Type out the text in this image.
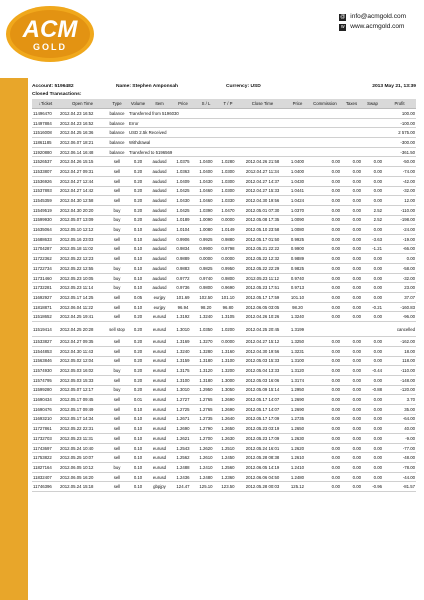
ACM
GOLD
@ info@acmgold.com
w www.acmgold.com
Account: 5196482	Name: Stephen Amponsah	Currency: USD	2013 May 21, 13:39
Closed Transactions:
↓Ticket	Open Time	Type	Volume	Item	Price	S / L	T / P	Close Time	Price	Commission	Taxes	Swap	Profit
11496470	2012.04.23 16:52	balance	Transferred from 5196030										100.00
11497884	2012.04.23 16:52	balance	Error										-100.00
11516008	2012.04.25 16:36	balance	USD 2.5k Received										2 575.00
11861185	2012.06.07 18:21	balance	Withdrawal										-300.00
11920880	2012.06.14 16:48	balance	Transfered to 5196569										-361.50
11526537	2012.04.26 15:15	sell	0.20	audusd	1.0375	1.0400	1.0280	2012.04.26 21:58	1.0400	0.00	0.00	0.00	-50.00
11533807	2012.04.27 09:31	sell	0.20	audusd	1.0363	1.0400	1.0300	2012.04.27 11:34	1.0400	0.00	0.00	0.00	-74.00
11536926	2012.04.27 12:44	sell	0.20	audusd	1.0409	1.0430	1.0300	2012.04.27 14:37	1.0430	0.00	0.00	0.00	-42.00
11537893	2012.04.27 14:42	sell	0.20	audusd	1.0425	1.0460	1.0300	2012.04.27 15:33	1.0441	0.00	0.00	0.00	-32.00
11545359	2012.04.30 12:58	sell	0.20	audusd	1.0430	1.0460	1.0330	2012.04.30 19:56	1.0424	0.00	0.00	0.00	12.00
11549519	2012.04.30 20:20	buy	0.20	audusd	1.0425	1.0390	1.0470	2012.05.01 07:30	1.0370	0.00	0.00	2.52	-110.00
11599930	2012.05.07 13:09	buy	0.20	audusd	1.0189	1.0090	0.0000	2012.05.08 17:35	1.0090	0.00	0.00	2.52	-198.00
11635064	2012.05.10 12:12	buy	0.10	audusd	1.0104	1.0080	1.0149	2012.05.10 23:58	1.0080	0.00	0.00	0.00	-24.00
11688633	2012.05.16 23:03	sell	0.10	audusd	0.9906	0.9925	0.9880	2012.05.17 01:50	0.9925	0.00	0.00	-3.63	-19.00
11704287	2012.05.18 11:02	sell	0.10	audusd	0.9834	0.9900	0.9798	2012.05.21 22:22	0.9900	0.00	0.00	-1.21	-66.00
11722362	2012.05.22 12:23	sell	0.10	audusd	0.9889	0.0000	0.0000	2012.05.22 12:32	0.9889	0.00	0.00	0.00	0.00
11722734	2012.05.22 12:55	buy	0.10	audusd	0.9883	0.9825	0.9950	2012.05.22 22:29	0.9825	0.00	0.00	0.00	-58.00
11731460	2012.05.23 10:05	buy	0.10	audusd	0.9772	0.9740	0.9800	2012.05.23 11:12	0.9740	0.00	0.00	0.00	-32.00
11732281	2012.05.23 11:14	buy	0.10	audusd	0.9736	0.9800	0.9690	2012.05.23 17:51	0.9713	0.00	0.00	0.00	23.00
11692927	2012.05.17 14:25	sell	0.05	eurjpy	101.69	102.50	101.10	2012.05.17 17:59	101.10	0.00	0.00	0.00	37.07
11818871	2012.06.04 11:22	sell	0.10	eurjpy	96.94	98.20	96.80	2012.06.05 03:05	98.20	0.00	0.00	-0.21	-160.83
11518652	2012.04.25 19:41	sell	0.20	eurusd	1.3192	1.3240	1.3105	2012.04.26 10:26	1.3240	0.00	0.00	0.00	-96.00
11519414	2012.04.25 20:28	sell stop	0.20	eurusd	1.3010	1.0350	1.0200	2012.04.25 20:45	1.3199				cancelled
11533827	2012.04.27 09:35	sell	0.20	eurusd	1.3169	1.3270	0.0000	2012.04.27 15:12	1.3250	0.00	0.00	0.00	-162.00
11544853	2012.04.30 11:43	sell	0.20	eurusd	1.3240	1.3280	1.3160	2012.04.30 19:56	1.3231	0.00	0.00	0.00	18.00
11563846	2012.05.02 12:04	sell	0.20	eurusd	1.3159	1.3180	1.3100	2012.05.03 15:33	1.3100	0.00	0.00	0.00	118.00
11574930	2012.05.03 16:02	buy	0.20	eurusd	1.3175	1.3120	1.3200	2012.05.04 13:33	1.3120	0.00	0.00	-0.44	-110.00
11574795	2012.05.03 15:33	sell	0.20	eurusd	1.3100	1.3180	1.3000	2012.05.03 16:06	1.3174	0.00	0.00	0.00	-148.00
11599280	2012.05.07 12:17	buy	0.20	eurusd	1.3010	1.2950	1.3050	2012.05.09 15:14	1.2950	0.00	0.00	-0.88	-120.00
11690434	2012.05.17 09:45	sell	0.01	eurusd	1.2727	1.2765	1.2690	2012.05.17 14:07	1.2690	0.00	0.00	0.00	3.70
11690476	2012.05.17 09:49	sell	0.10	eurusd	1.2725	1.2765	1.2690	2012.05.17 14:07	1.2690	0.00	0.00	0.00	35.00
11693210	2012.05.17 14:34	sell	0.10	eurusd	1.2671	1.2735	1.2640	2012.05.17 17:09	1.2735	0.00	0.00	0.00	-64.00
11727861	2012.05.22 22:31	sell	0.10	eurusd	1.2690	1.2790	1.2650	2012.05.23 03:19	1.2650	0.00	0.00	0.00	40.00
11732703	2012.05.23 11:31	sell	0.10	eurusd	1.2621	1.2700	1.2630	2012.05.23 17:09	1.2630	0.00	0.00	0.00	-9.00
11743697	2012.05.24 10:40	sell	0.10	eurusd	1.2543	1.2620	1.2510	2012.05.24 16:01	1.2620	0.00	0.00	0.00	-77.00
11753822	2012.05.25 10:07	sell	0.10	eurusd	1.2562	1.2610	1.2450	2012.05.28 08:38	1.2610	0.00	0.00	0.00	-48.00
11827164	2012.06.05 10:12	buy	0.10	eurusd	1.2488	1.2410	1.2560	2012.06.05 14:19	1.2410	0.00	0.00	0.00	-78.00
11832407	2012.06.05 16:20	sell	0.10	eurusd	1.2436	1.2480	1.2360	2012.06.06 04:50	1.2480	0.00	0.00	0.00	-44.00
11746396	2012.05.24 15:18	sell	0.10	gbpjpy	124.47	125.10	123.50	2012.05.28 00:03	125.12	0.00	0.00	-0.96	-81.57
